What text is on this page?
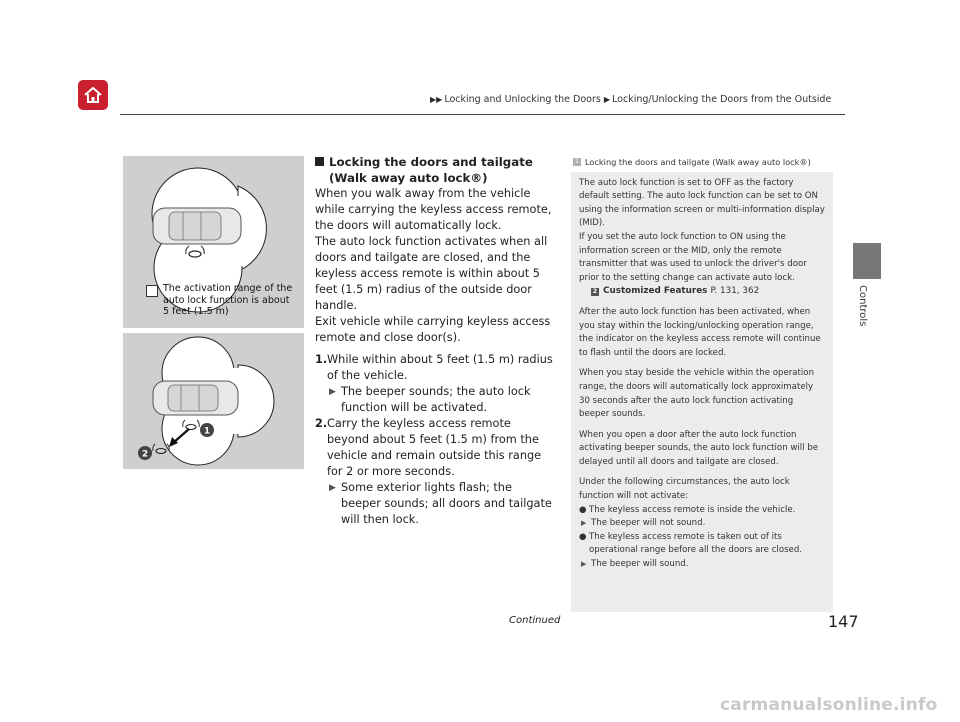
▶▶ Locking and Unlocking the Doors ▶ Locking/Unlocking the Doors from the Outside
Controls
The activation range of the auto lock function is about 5 feet (1.5 m)
1
2
Locking the doors and tailgate (Walk away auto lock®)

When you walk away from the vehicle while carrying the keyless access remote, the doors will automatically lock.

The auto lock function activates when all doors and tailgate are closed, and the keyless access remote is within about 5 feet (1.5 m) radius of the outside door handle.

Exit vehicle while carrying keyless access remote and close door(s).

1. While within about 5 feet (1.5 m) radius of the vehicle.
▶ The beeper sounds; the auto lock function will be activated.
2. Carry the keyless access remote beyond about 5 feet (1.5 m) from the vehicle and remain outside this range for 2 or more seconds.
▶ Some exterior lights flash; the beeper sounds; all doors and tailgate will then lock.
1 Locking the doors and tailgate (Walk away auto lock®)

The auto lock function is set to OFF as the factory default setting. The auto lock function can be set to ON using the information screen or multi-information display (MID).
If you set the auto lock function to ON using the information screen or the MID, only the remote transmitter that was used to unlock the driver's door prior to the setting change can activate auto lock.
2 Customized Features P. 131, 362

After the auto lock function has been activated, when you stay within the locking/unlocking operation range, the indicator on the keyless access remote will continue to flash until the doors are locked.

When you stay beside the vehicle within the operation range, the doors will automatically lock approximately 30 seconds after the auto lock function activating beeper sounds.

When you open a door after the auto lock function activating beeper sounds, the auto lock function will be delayed until all doors and tailgate are closed.

Under the following circumstances, the auto lock function will not activate:

● The keyless access remote is inside the vehicle.
▶ The beeper will not sound.
● The keyless access remote is taken out of its operational range before all the doors are closed.
▶ The beeper will sound.
Continued	147
carmanualsonline.info
